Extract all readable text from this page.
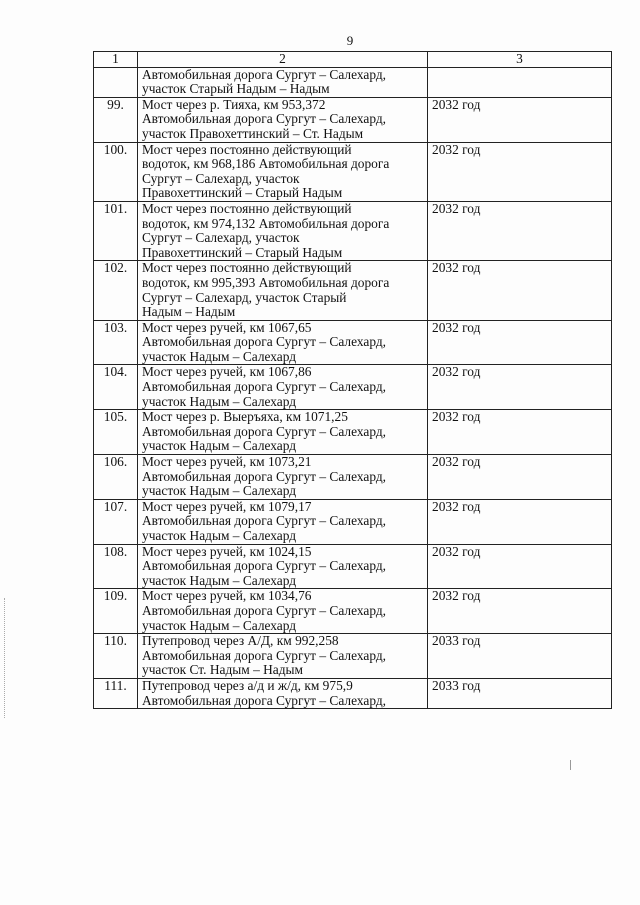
9
1	2	3

	Автомобильная дорога Сургут – Салехард,
участок Старый Надым – Надым	

99.	Мост через р. Тияха, км 953,372
Автомобильная дорога Сургут – Салехард,
участок Правохеттинский – Ст. Надым	2032 год
100.	Мост через постоянно действующий
водоток, км 968,186 Автомобильная дорога
Сургут – Салехард, участок
Правохеттинский – Старый Надым	2032 год
101.	Мост через постоянно действующий
водоток, км 974,132 Автомобильная дорога
Сургут – Салехард, участок
Правохеттинский – Старый Надым	2032 год
102.	Мост через постоянно действующий
водоток, км 995,393 Автомобильная дорога
Сургут – Салехард, участок Старый
Надым – Надым	2032 год
103.	Мост через ручей, км 1067,65
Автомобильная дорога Сургут – Салехард,
участок Надым – Салехард	2032 год
104.	Мост через ручей, км 1067,86
Автомобильная дорога Сургут – Салехард,
участок Надым – Салехард	2032 год
105.	Мост через р. Выеръяха, км 1071,25
Автомобильная дорога Сургут – Салехард,
участок Надым – Салехард	2032 год
106.	Мост через ручей, км 1073,21
Автомобильная дорога Сургут – Салехард,
участок Надым – Салехард	2032 год
107.	Мост через ручей, км 1079,17
Автомобильная дорога Сургут – Салехард,
участок Надым – Салехард	2032 год
108.	Мост через ручей, км 1024,15
Автомобильная дорога Сургут – Салехард,
участок Надым – Салехард	2032 год
109.	Мост через ручей, км 1034,76
Автомобильная дорога Сургут – Салехард,
участок Надым – Салехард	2032 год
110.	Путепровод через А/Д, км 992,258
Автомобильная дорога Сургут – Салехард,
участок Ст. Надым – Надым	2033 год
111.	Путепровод через а/д и ж/д, км 975,9
Автомобильная дорога Сургут – Салехард,	2033 год
